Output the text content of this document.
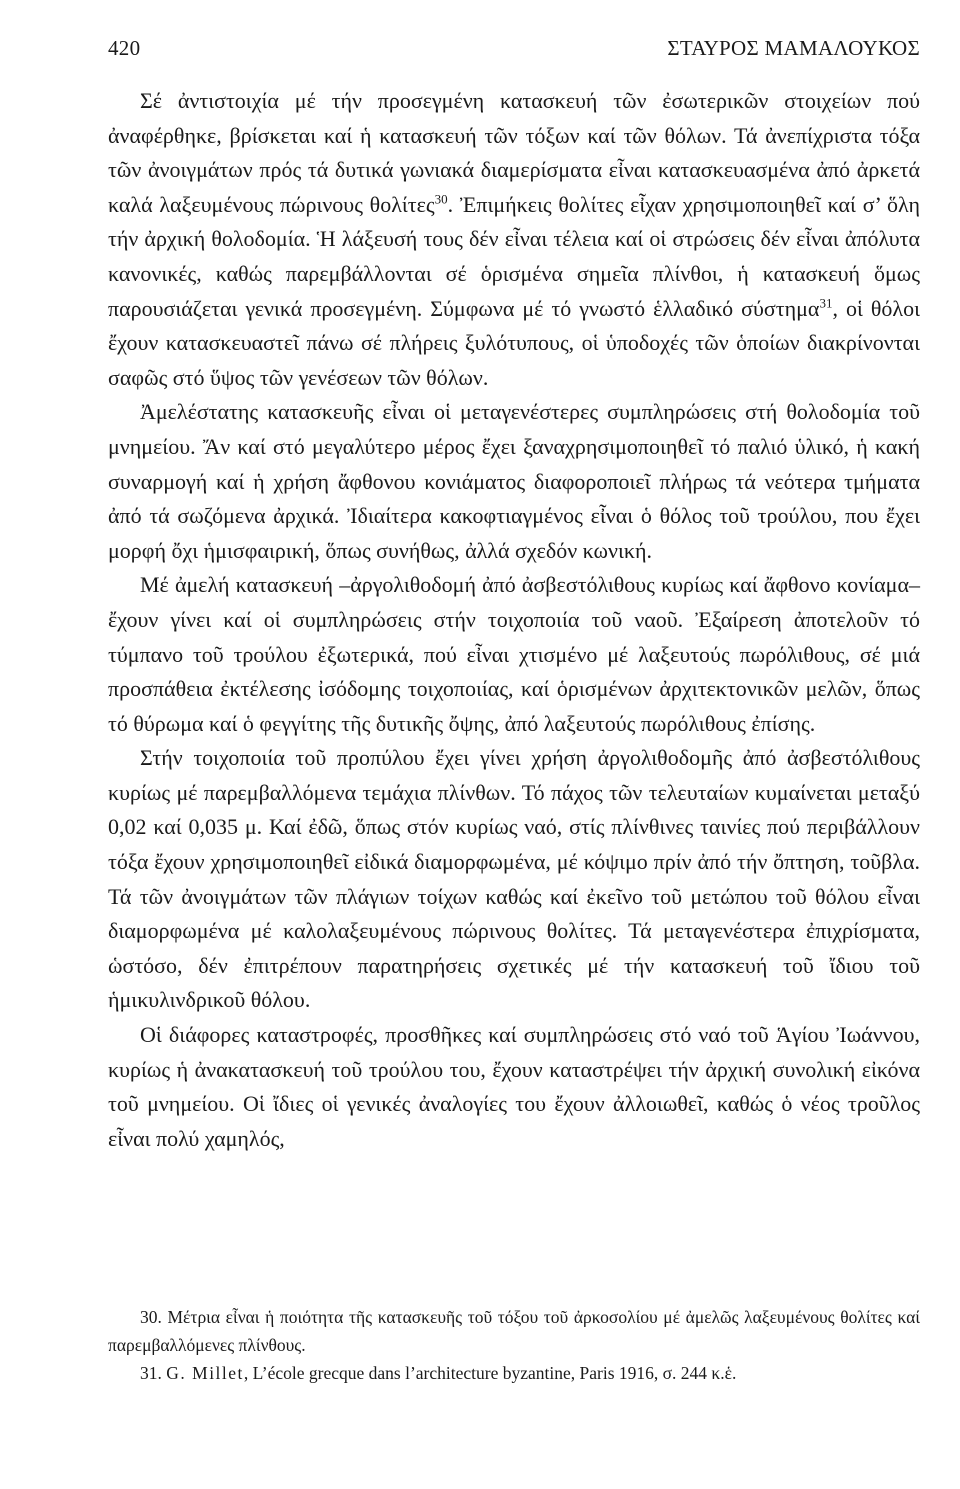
420	ΣΤΑΥΡΟΣ ΜΑΜΑΛΟΥΚΟΣ

Σέ ἀντιστοιχία μέ τήν προσεγμένη κατασκευή τῶν ἐσωτερικῶν στοιχείων πού ἀναφέρθηκε, βρίσκεται καί ἡ κατασκευή τῶν τόξων καί τῶν θόλων. Τά ἀνεπίχριστα τόξα τῶν ἀνοιγμάτων πρός τά δυτικά γωνιακά διαμερίσματα εἶναι κατασκευασμένα ἀπό ἀρκετά καλά λαξευμένους πώρινους θολίτες$^{30}$. Ἐπιμήκεις θολίτες εἶχαν χρησιμοποιηθεῖ καί σ’ ὅλη τήν ἀρχική θολοδομία. Ἡ λάξευσή τους δέν εἶναι τέλεια καί οἱ στρώσεις δέν εἶναι ἀπόλυτα κανονικές, καθώς παρεμβάλλονται σέ ὁρισμένα σημεῖα πλίνθοι, ἡ κατασκευή ὅμως παρουσιάζεται γενικά προσεγμένη. Σύμφωνα μέ τό γνωστό ἑλλαδικό σύστημα$^{31}$, οἱ θόλοι ἔχουν κατασκευαστεῖ πάνω σέ πλήρεις ξυλότυπους, οἱ ὑποδοχές τῶν ὁποίων διακρίνονται σαφῶς στό ὕψος τῶν γενέσεων τῶν θόλων.

Ἀμελέστατης κατασκευῆς εἶναι οἱ μεταγενέστερες συμπληρώσεις στή θολοδομία τοῦ μνημείου. Ἄν καί στό μεγαλύτερο μέρος ἔχει ξαναχρησιμοποιηθεῖ τό παλιό ὑλικό, ἡ κακή συναρμογή καί ἡ χρήση ἄφθονου κονιάματος διαφοροποιεῖ πλήρως τά νεότερα τμήματα ἀπό τά σωζόμενα ἀρχικά. Ἰδιαίτερα κακοφτιαγμένος εἶναι ὁ θόλος τοῦ τρούλου, που ἔχει μορφή ὄχι ἡμισφαιρική, ὅπως συνήθως, ἀλλά σχεδόν κωνική.

Μέ ἀμελή κατασκευή –ἀργολιθοδομή ἀπό ἀσβεστόλιθους κυρίως καί ἄφθονο κονίαμα– ἔχουν γίνει καί οἱ συμπληρώσεις στήν τοιχοποιία τοῦ ναοῦ. Ἐξαίρεση ἀποτελοῦν τό τύμπανο τοῦ τρούλου ἐξωτερικά, πού εἶναι χτισμένο μέ λαξευτούς πωρόλιθους, σέ μιά προσπάθεια ἐκτέλεσης ἰσόδομης τοιχοποιίας, καί ὁρισμένων ἀρχιτεκτονικῶν μελῶν, ὅπως τό θύρωμα καί ὁ φεγγίτης τῆς δυτικῆς ὄψης, ἀπό λαξευτούς πωρόλιθους ἐπίσης.

Στήν τοιχοποιία τοῦ προπύλου ἔχει γίνει χρήση ἀργολιθοδομῆς ἀπό ἀσβεστόλιθους κυρίως μέ παρεμβαλλόμενα τεμάχια πλίνθων. Τό πάχος τῶν τελευταίων κυμαίνεται μεταξύ 0,02 καί 0,035 μ. Καί ἐδῶ, ὅπως στόν κυρίως ναό, στίς πλίνθινες ταινίες πού περιβάλλουν τόξα ἔχουν χρησιμοποιηθεῖ εἰδικά διαμορφωμένα, μέ κόψιμο πρίν ἀπό τήν ὄπτηση, τοῦβλα. Τά τῶν ἀνοιγμάτων τῶν πλάγιων τοίχων καθώς καί ἐκεῖνο τοῦ μετώπου τοῦ θόλου εἶναι διαμορφωμένα μέ καλολαξευμένους πώρινους θολίτες. Τά μεταγενέστερα ἐπιχρίσματα, ὡστόσο, δέν ἐπιτρέπουν παρατηρήσεις σχετικές μέ τήν κατασκευή τοῦ ἴδιου τοῦ ἡμικυλινδρικοῦ θόλου.

Οἱ διάφορες καταστροφές, προσθῆκες καί συμπληρώσεις στό ναό τοῦ Ἁγίου Ἰωάννου, κυρίως ἡ ἀνακατασκευή τοῦ τρούλου του, ἔχουν καταστρέψει τήν ἀρχική συνολική εἰκόνα τοῦ μνημείου. Οἱ ἴδιες οἱ γενικές ἀναλογίες του ἔχουν ἀλλοιωθεῖ, καθώς ὁ νέος τροῦλος εἶναι πολύ χαμηλός,

30. Μέτρια εἶναι ἡ ποιότητα τῆς κατασκευῆς τοῦ τόξου τοῦ ἀρκοσολίου μέ ἀμελῶς λαξευμένους θολίτες καί παρεμβαλλόμενες πλίνθους.

31. G. Millet, L’école grecque dans l’architecture byzantine, Paris 1916, σ. 244 κ.ἑ.
